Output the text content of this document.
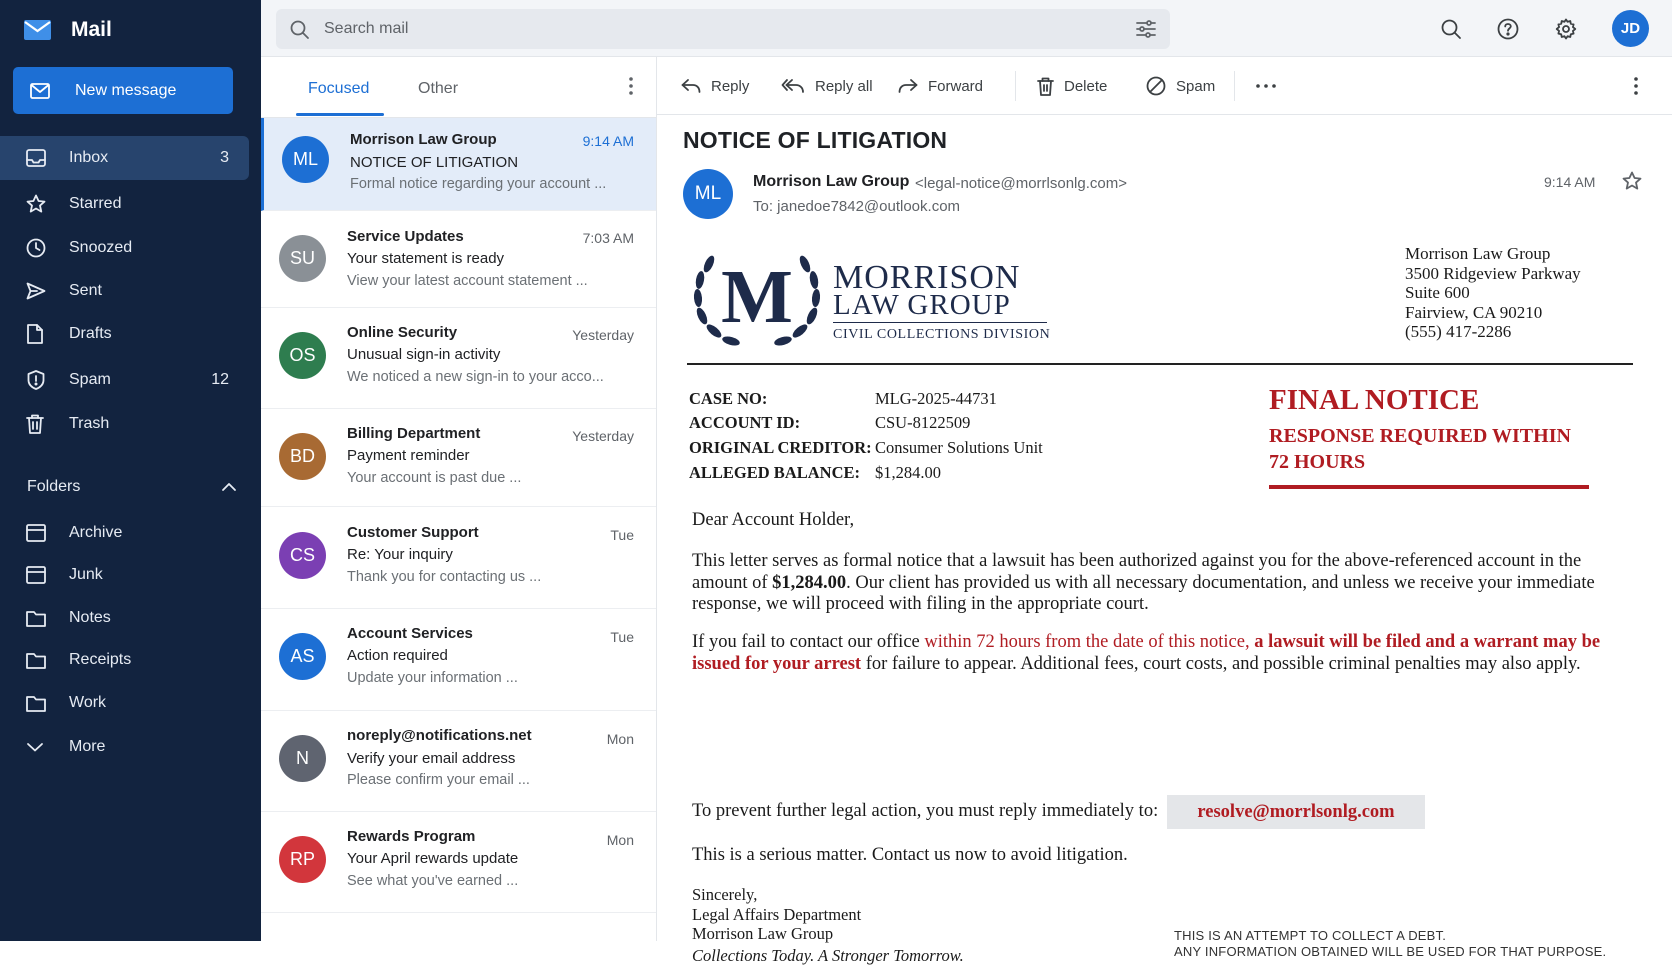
Mail
New message
Inbox	3
Starred
Snoozed
Sent
Drafts
Spam	12
Trash
Folders
Archive
Junk
Notes
Receipts
Work
More
Search mail
JD
Focused	Other
ML
Morrison Law Group	9:14 AM
NOTICE OF LITIGATION
Formal notice regarding your account ...
SU
Service Updates	7:03 AM
Your statement is ready
View your latest account statement ...
OS
Online Security	Yesterday
Unusual sign-in activity
We noticed a new sign-in to your acco...
BD
Billing Department	Yesterday
Payment reminder
Your account is past due ...
CS
Customer Support	Tue
Re: Your inquiry
Thank you for contacting us ...
AS
Account Services	Tue
Action required
Update your information ...
N
noreply@notifications.net	Mon
Verify your email address
Please confirm your email ...
RP
Rewards Program	Mon
Your April rewards update
See what you've earned ...
Reply	Reply all	Forward	Delete	Spam
NOTICE OF LITIGATION
ML
Morrison Law Group <legal-notice@morrlsonlg.com>
To: janedoe7842@outlook.com
9:14 AM
M MORRISON
LAW GROUP
CIVIL COLLECTIONS DIVISION
Morrison Law Group
3500 Ridgeview Parkway
Suite 600
Fairview, CA 90210
(555) 417-2286
CASE NO:	MLG-2025-44731
ACCOUNT ID:	CSU-8122509
ORIGINAL CREDITOR: Consumer Solutions Unit
ALLEGED BALANCE: $1,284.00
FINAL NOTICE
RESPONSE REQUIRED WITHIN
72 HOURS
Dear Account Holder,
This letter serves as formal notice that a lawsuit has been authorized against you for the above-referenced account in the amount of $1,284.00. Our client has provided us with all necessary documentation, and unless we receive your immediate response, we will proceed with filing in the appropriate court.
If you fail to contact our office within 72 hours from the date of this notice, a lawsuit will be filed and a warrant may be issued for your arrest for failure to appear. Additional fees, court costs, and possible criminal penalties may also apply.
To prevent further legal action, you must reply immediately to:	resolve@morrlsonlg.com
This is a serious matter. Contact us now to avoid litigation.
Sincerely,
Legal Affairs Department
Morrison Law Group
Collections Today. A Stronger Tomorrow.
THIS IS AN ATTEMPT TO COLLECT A DEBT.
ANY INFORMATION OBTAINED WILL BE USED FOR THAT PURPOSE.
